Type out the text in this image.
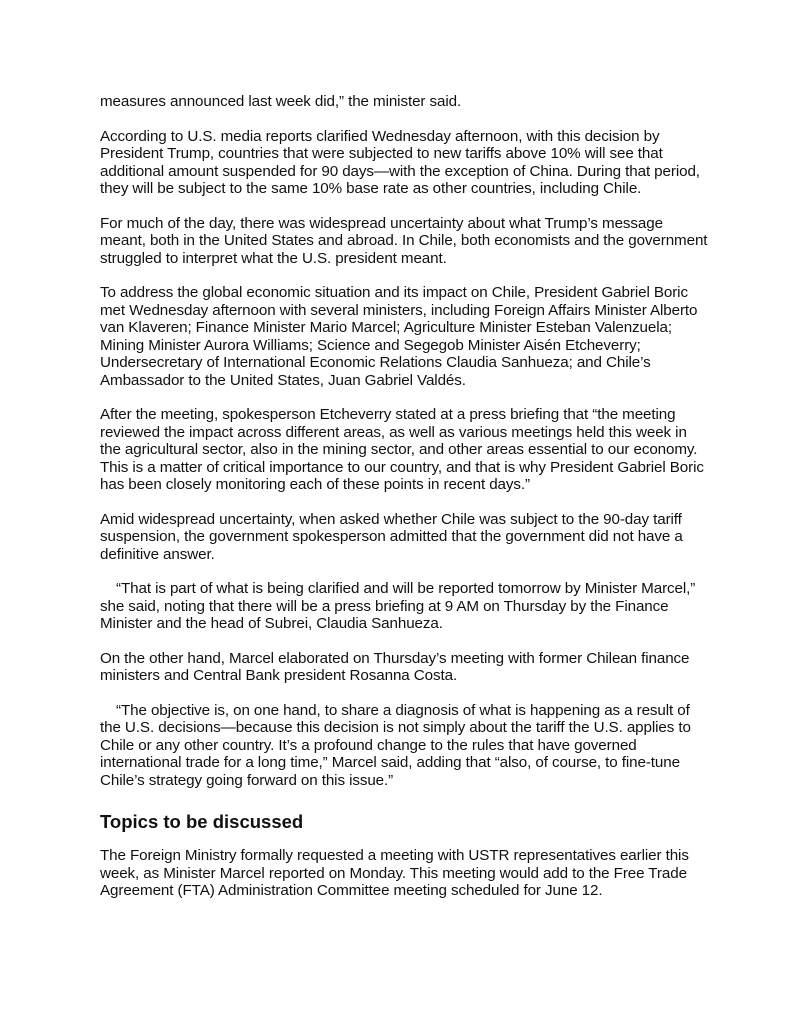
measures announced last week did,” the minister said.

According to U.S. media reports clarified Wednesday afternoon, with this decision by President Trump, countries that were subjected to new tariffs above 10% will see that additional amount suspended for 90 days—with the exception of China. During that period, they will be subject to the same 10% base rate as other countries, including Chile.

For much of the day, there was widespread uncertainty about what Trump’s message meant, both in the United States and abroad. In Chile, both economists and the government struggled to interpret what the U.S. president meant.

To address the global economic situation and its impact on Chile, President Gabriel Boric met Wednesday afternoon with several ministers, including Foreign Affairs Minister Alberto van Klaveren; Finance Minister Mario Marcel; Agriculture Minister Esteban Valenzuela; Mining Minister Aurora Williams; Science and Segegob Minister Aisén Etcheverry; Undersecretary of International Economic Relations Claudia Sanhueza; and Chile’s Ambassador to the United States, Juan Gabriel Valdés.

After the meeting, spokesperson Etcheverry stated at a press briefing that “the meeting reviewed the impact across different areas, as well as various meetings held this week in the agricultural sector, also in the mining sector, and other areas essential to our economy. This is a matter of critical importance to our country, and that is why President Gabriel Boric has been closely monitoring each of these points in recent days.”

Amid widespread uncertainty, when asked whether Chile was subject to the 90-day tariff suspension, the government spokesperson admitted that the government did not have a definitive answer.

“That is part of what is being clarified and will be reported tomorrow by Minister Marcel,” she said, noting that there will be a press briefing at 9 AM on Thursday by the Finance Minister and the head of Subrei, Claudia Sanhueza.

On the other hand, Marcel elaborated on Thursday’s meeting with former Chilean finance ministers and Central Bank president Rosanna Costa.

“The objective is, on one hand, to share a diagnosis of what is happening as a result of the U.S. decisions—because this decision is not simply about the tariff the U.S. applies to Chile or any other country. It’s a profound change to the rules that have governed international trade for a long time,” Marcel said, adding that “also, of course, to fine-tune Chile’s strategy going forward on this issue.”

Topics to be discussed

The Foreign Ministry formally requested a meeting with USTR representatives earlier this week, as Minister Marcel reported on Monday. This meeting would add to the Free Trade Agreement (FTA) Administration Committee meeting scheduled for June 12.
